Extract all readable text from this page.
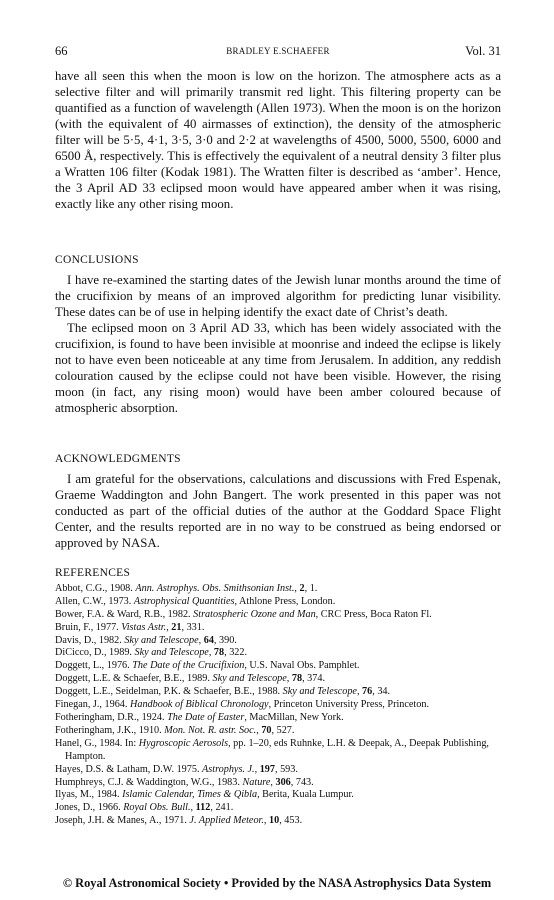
66	BRADLEY E.SCHAEFER	Vol. 31

have all seen this when the moon is low on the horizon. The atmosphere acts as a selective filter and will primarily transmit red light. This filtering property can be quantified as a function of wavelength (Allen 1973). When the moon is on the horizon (with the equivalent of 40 airmasses of extinction), the density of the atmospheric filter will be 5·5, 4·1, 3·5, 3·0 and 2·2 at wavelengths of 4500, 5000, 5500, 6000 and 6500 Å, respectively. This is effectively the equivalent of a neutral density 3 filter plus a Wratten 106 filter (Kodak 1981). The Wratten filter is described as ‘amber’. Hence, the 3 April AD 33 eclipsed moon would have appeared amber when it was rising, exactly like any other rising moon.

CONCLUSIONS

I have re-examined the starting dates of the Jewish lunar months around the time of the crucifixion by means of an improved algorithm for predicting lunar visibility. These dates can be of use in helping identify the exact date of Christ’s death.

The eclipsed moon on 3 April AD 33, which has been widely associated with the crucifixion, is found to have been invisible at moonrise and indeed the eclipse is likely not to have even been noticeable at any time from Jerusalem. In addition, any reddish colouration caused by the eclipse could not have been visible. However, the rising moon (in fact, any rising moon) would have been amber coloured because of atmospheric absorption.

ACKNOWLEDGMENTS

I am grateful for the observations, calculations and discussions with Fred Espenak, Graeme Waddington and John Bangert. The work presented in this paper was not conducted as part of the official duties of the author at the Goddard Space Flight Center, and the results reported are in no way to be construed as being endorsed or approved by NASA.

REFERENCES

Abbot, C.G., 1908. Ann. Astrophys. Obs. Smithsonian Inst., 2, 1.

Allen, C.W., 1973. Astrophysical Quantities, Athlone Press, London.

Bower, F.A. & Ward, R.B., 1982. Stratospheric Ozone and Man, CRC Press, Boca Raton Fl.

Bruin, F., 1977. Vistas Astr., 21, 331.

Davis, D., 1982. Sky and Telescope, 64, 390.

DiCicco, D., 1989. Sky and Telescope, 78, 322.

Doggett, L., 1976. The Date of the Crucifixion, U.S. Naval Obs. Pamphlet.

Doggett, L.E. & Schaefer, B.E., 1989. Sky and Telescope, 78, 374.

Doggett, L.E., Seidelman, P.K. & Schaefer, B.E., 1988. Sky and Telescope, 76, 34.

Finegan, J., 1964. Handbook of Biblical Chronology, Princeton University Press, Princeton.

Fotheringham, D.R., 1924. The Date of Easter, MacMillan, New York.

Fotheringham, J.K., 1910. Mon. Not. R. astr. Soc., 70, 527.

Hanel, G., 1984. In: Hygroscopic Aerosols, pp. 1–20, eds Ruhnke, L.H. & Deepak, A., Deepak Publishing, Hampton.

Hayes, D.S. & Latham, D.W. 1975. Astrophys. J., 197, 593.

Humphreys, C.J. & Waddington, W.G., 1983. Nature, 306, 743.

Ilyas, M., 1984. Islamic Calendar, Times & Qibla, Berita, Kuala Lumpur.

Jones, D., 1966. Royal Obs. Bull., 112, 241.

Joseph, J.H. & Manes, A., 1971. J. Applied Meteor., 10, 453.

© Royal Astronomical Society • Provided by the NASA Astrophysics Data System
